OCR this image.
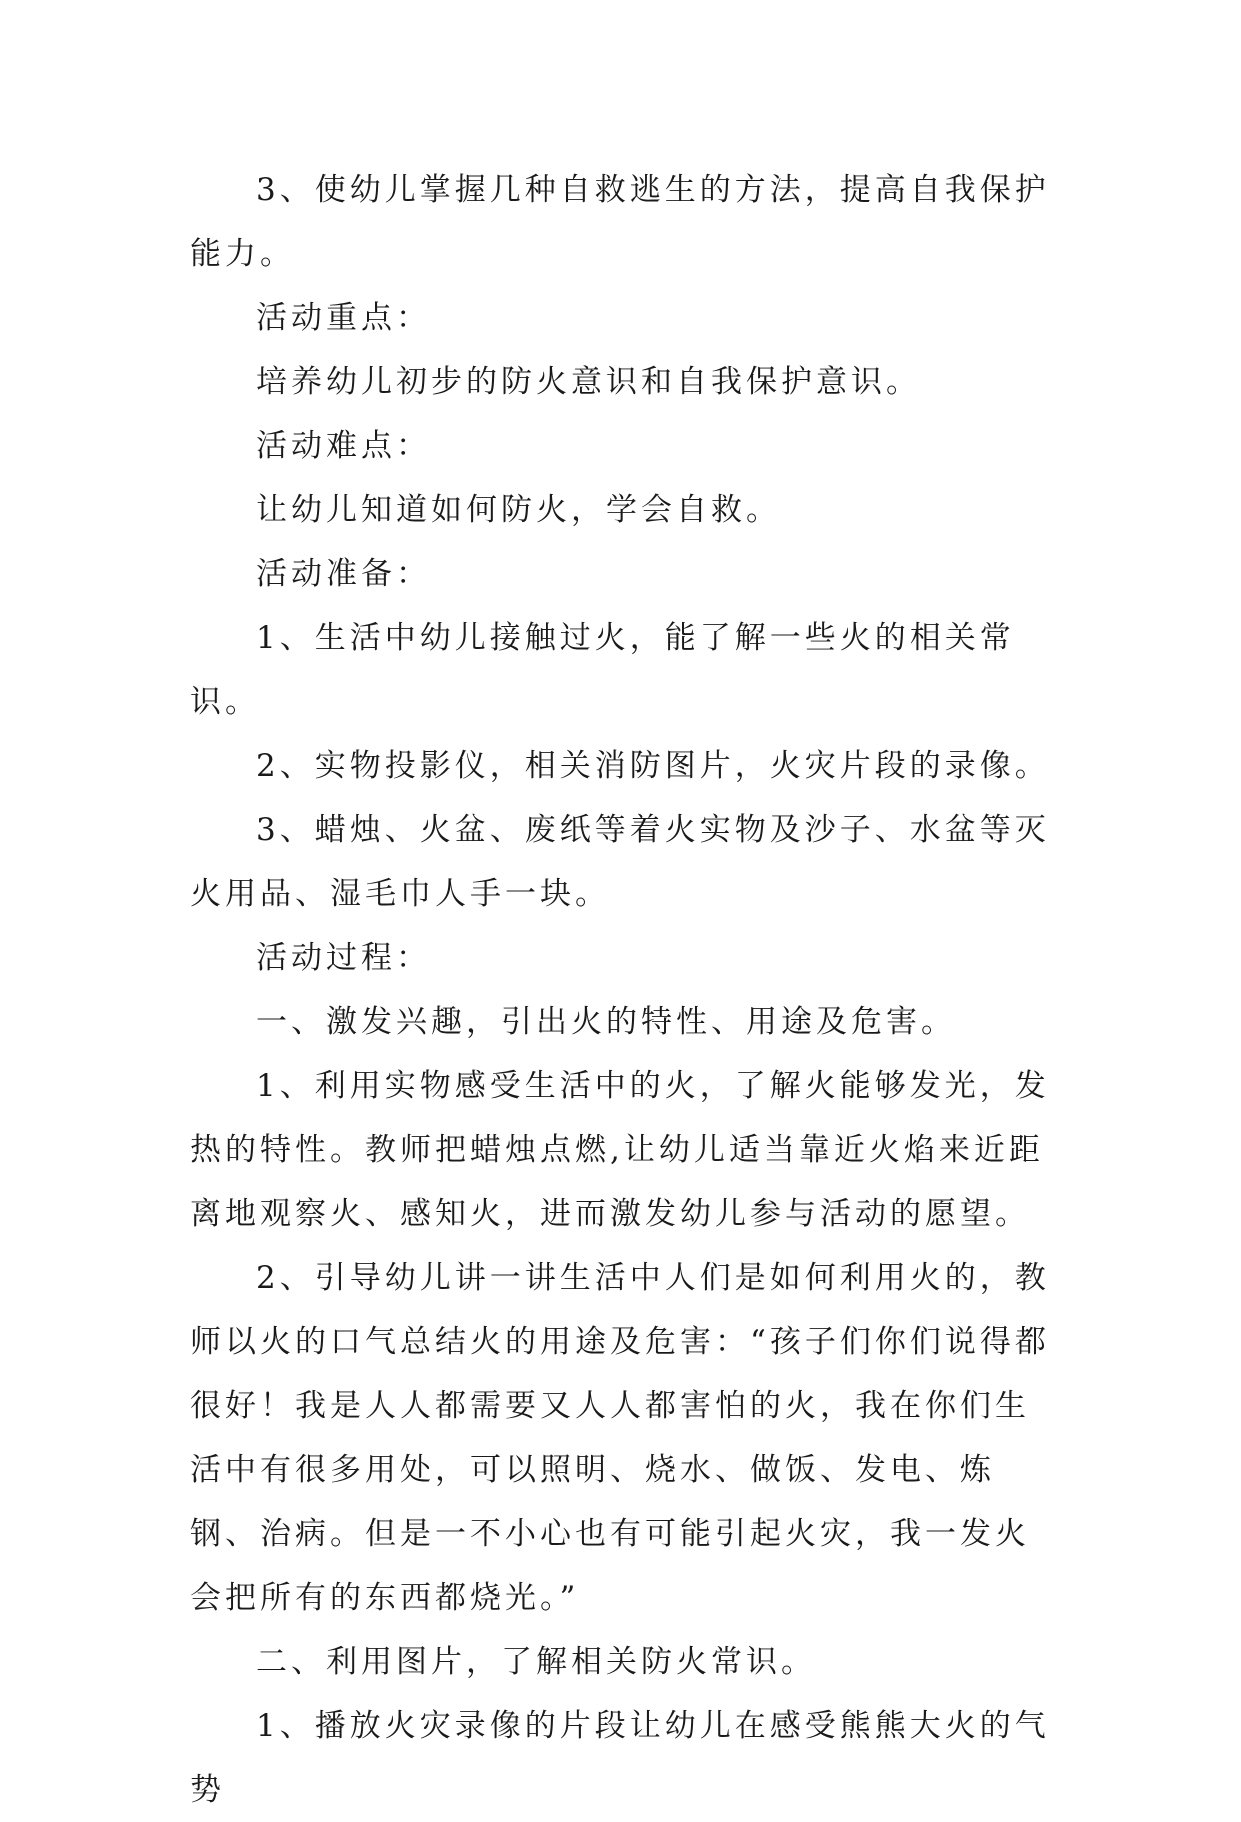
3、使幼儿掌握几种自救逃生的方法，提高自我保护能力。

活动重点：

培养幼儿初步的防火意识和自我保护意识。

活动难点：

让幼儿知道如何防火，学会自救。

活动准备：

1、生活中幼儿接触过火，能了解一些火的相关常识。

2、实物投影仪，相关消防图片，火灾片段的录像。

3、蜡烛、火盆、废纸等着火实物及沙子、水盆等灭火用品、湿毛巾人手一块。

活动过程：

一、激发兴趣，引出火的特性、用途及危害。

1、利用实物感受生活中的火，了解火能够发光，发热的特性。教师把蜡烛点燃,让幼儿适当靠近火焰来近距离地观察火、感知火，进而激发幼儿参与活动的愿望。

2、引导幼儿讲一讲生活中人们是如何利用火的，教师以火的口气总结火的用途及危害：“孩子们你们说得都很好！我是人人都需要又人人都害怕的火，我在你们生活中有很多用处，可以照明、烧水、做饭、发电、炼钢、治病。但是一不小心也有可能引起火灾，我一发火会把所有的东西都烧光。”

二、利用图片，了解相关防火常识。

1、播放火灾录像的片段让幼儿在感受熊熊大火的气势
